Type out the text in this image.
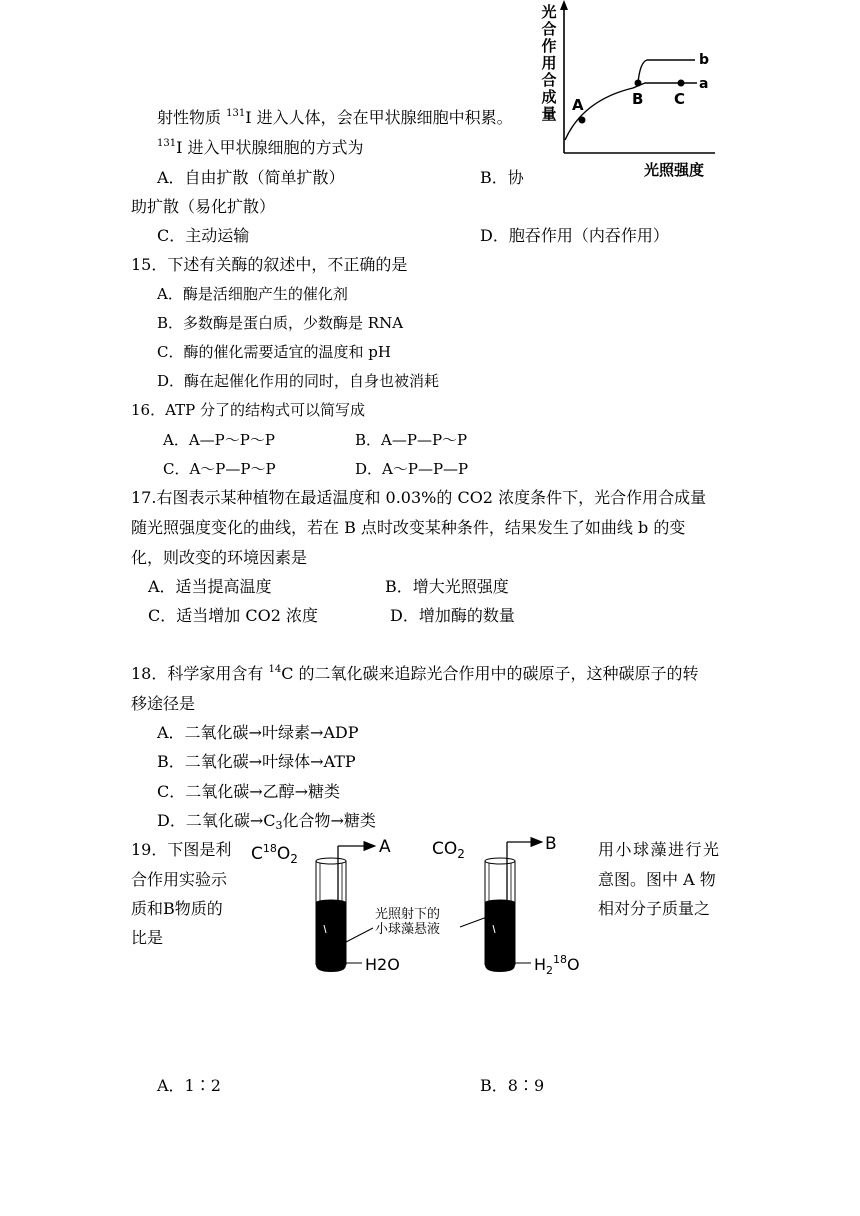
光合作用合成量
光照强度
A	B C
a
b
射性物质 $^{131}$I 进入人体，会在甲状腺细胞中积累。
$^{131}$I 进入甲状腺细胞的方式为
A．自由扩散（简单扩散）	B．协
助扩散（易化扩散）
C．主动运输	D．胞吞作用（内吞作用）
15．下述有关酶的叙述中，不正确的是
A．酶是活细胞产生的催化剂
B．多数酶是蛋白质，少数酶是 RNA
C．酶的催化需要适宜的温度和 pH
D．酶在起催化作用的同时，自身也被消耗
16．ATP 分了的结构式可以简写成
A．A—P～P～P	B．A—P—P～P
C．A～P—P～P	D．A～P—P—P
17.右图表示某种植物在最适温度和 0.03%的 CO2 浓度条件下，光合作用合成量
随光照强度变化的曲线，若在 B 点时改变某种条件，结果发生了如曲线 b 的变
化，则改变的环境因素是
A．适当提高温度	B．增大光照强度
C．适当增加 CO2 浓度	D．增加酶的数量
18．科学家用含有 $^{14}$C 的二氧化碳来追踪光合作用中的碳原子，这种碳原子的转
移途径是
A．二氧化碳→叶绿素→ADP
B．二氧化碳→叶绿体→ATP
C．二氧化碳→乙醇→糖类
D．二氧化碳$\to C_3$化合物→糖类
19．下图是利
合作用实验示
质和B物质的
比是
用小球藻进行光
意图。图中 A 物
相对分子质量之
$C^{18}O_2$
A
H2O
$CO_2$	B
$H_2^{18}O$
光照射下的
小球藻悬液
A．1∶2	B．8∶9
